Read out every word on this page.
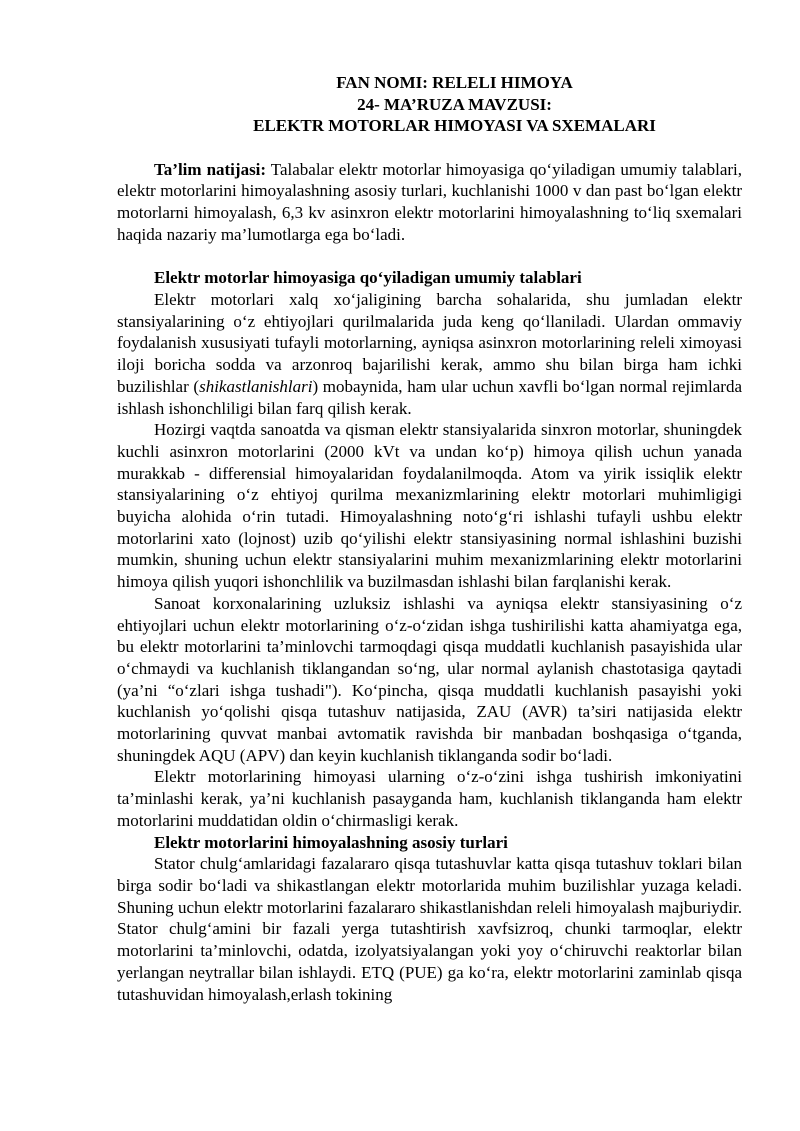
FAN NOMI: RELELI HIMOYA
24- MA’RUZA MAVZUSI:
ELEKTR MOTORLAR HIMOYASI VA SXEMALARI

Ta’lim natijasi: Talabalar elektr motorlar himoyasiga qo‘yiladigan umumiy talablari, elektr motorlarini himoyalashning asosiy turlari, kuchlanishi 1000 v dan past bo‘lgan elektr motorlarni himoyalash, 6,3 kv asinxron elektr motorlarini himoyalashning to‘liq sxemalari haqida nazariy ma’lumotlarga ega bo‘ladi.

Elektr motorlar himoyasiga qo‘yiladigan umumiy talablari

Elektr motorlari xalq xo‘jaligining barcha sohalarida, shu jumladan elektr stansiyalarining o‘z ehtiyojlari qurilmalarida juda keng qo‘llaniladi. Ulardan ommaviy foydalanish xususiyati tufayli motorlarning, ayniqsa asinxron motorlarining releli ximoyasi iloji boricha sodda va arzonroq bajarilishi kerak, ammo shu bilan birga ham ichki buzilishlar (shikastlanishlari) mobaynida, ham ular uchun xavfli bo‘lgan normal rejimlarda ishlash ishonchliligi bilan farq qilish kerak.

Hozirgi vaqtda sanoatda va qisman elektr stansiyalarida sinxron motorlar, shuningdek kuchli asinxron motorlarini (2000 kVt va undan ko‘p) himoya qilish uchun yanada murakkab - differensial himoyalaridan foydalanilmoqda. Atom va yirik issiqlik elektr stansiyalarining o‘z ehtiyoj qurilma mexanizmlarining elektr motorlari muhimligigi buyicha alohida o‘rin tutadi. Himoyalashning noto‘g‘ri ishlashi tufayli ushbu elektr motorlarini xato (lojnost) uzib qo‘yilishi elektr stansiyasining normal ishlashini buzishi mumkin, shuning uchun elektr stansiyalarini muhim mexanizmlarining elektr motorlarini himoya qilish yuqori ishonchlilik va buzilmasdan ishlashi bilan farqlanishi kerak.

Sanoat korxonalarining uzluksiz ishlashi va ayniqsa elektr stansiyasining o‘z ehtiyojlari uchun elektr motorlarining o‘z-o‘zidan ishga tushirilishi katta ahamiyatga ega, bu elektr motorlarini ta’minlovchi tarmoqdagi qisqa muddatli kuchlanish pasayishida ular o‘chmaydi va kuchlanish tiklangandan so‘ng, ular normal aylanish chastotasiga qaytadi (ya’ni “o‘zlari ishga tushadi"). Ko‘pincha, qisqa muddatli kuchlanish pasayishi yoki kuchlanish yo‘qolishi qisqa tutashuv natijasida, ZAU (AVR) ta’siri natijasida elektr motorlarining quvvat manbai avtomatik ravishda bir manbadan boshqasiga o‘tganda, shuningdek AQU (APV) dan keyin kuchlanish tiklanganda sodir bo‘ladi.

Elektr motorlarining himoyasi ularning o‘z-o‘zini ishga tushirish imkoniyatini ta’minlashi kerak, ya’ni kuchlanish pasayganda ham, kuchlanish tiklanganda ham elektr motorlarini muddatidan oldin o‘chirmasligi kerak.

Elektr motorlarini himoyalashning asosiy turlari

Stator chulg‘amlaridagi fazalararo qisqa tutashuvlar katta qisqa tutashuv toklari bilan birga sodir bo‘ladi va shikastlangan elektr motorlarida muhim buzilishlar yuzaga keladi. Shuning uchun elektr motorlarini fazalararo shikastlanishdan releli himoyalash majburiydir. Stator chulg‘amini bir fazali yerga tutashtirish xavfsizroq, chunki tarmoqlar, elektr motorlarini ta’minlovchi, odatda, izolyatsiyalangan yoki yoy o‘chiruvchi reaktorlar bilan yerlangan neytrallar bilan ishlaydi. ETQ (PUE) ga ko‘ra, elektr motorlarini zaminlab qisqa tutashuvidan himoyalash,erlash tokining
